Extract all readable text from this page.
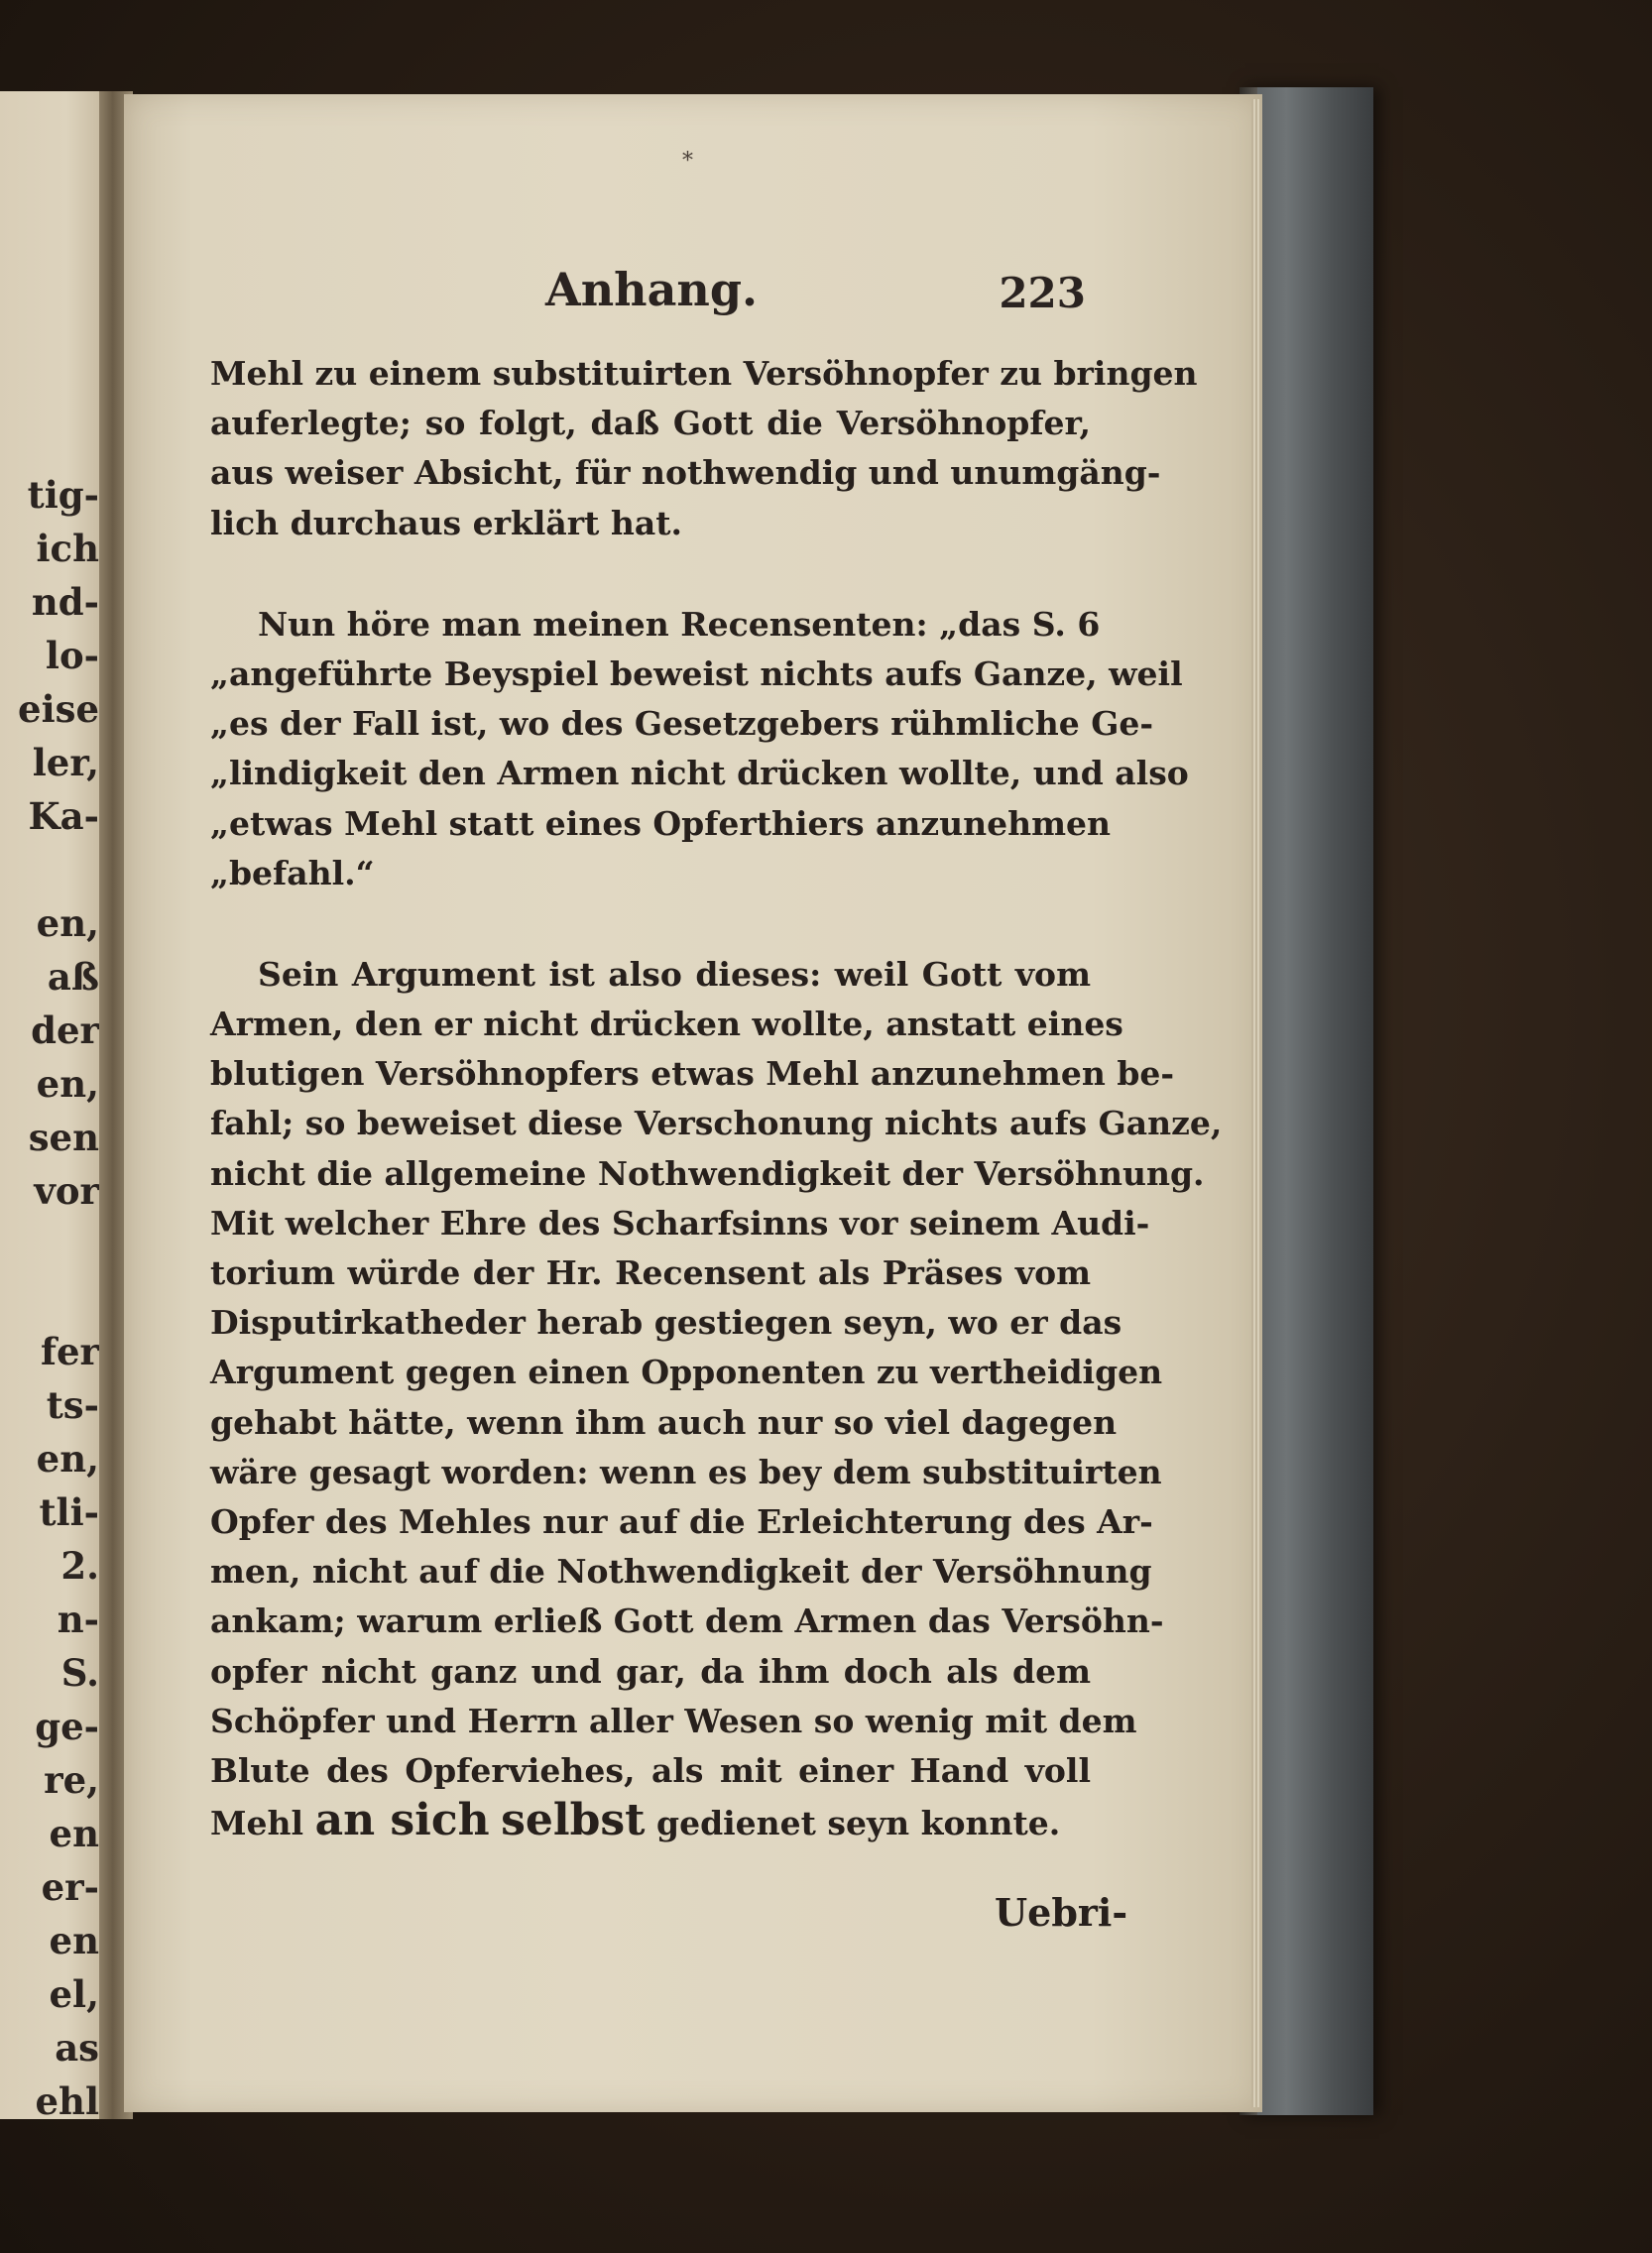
tig-
ich
nd-
lo-
eise
ler,
Ka-
en,
aß
der
en,
sen
vor
fer
ts-
en,
tli-
2.
n-
S.
ge-
re,
en
er-
en
el,
as
ehl
*
Anhang.	223
Mehl zu einem substituirten Versöhnopfer zu bringen
auferlegte; so folgt, daß Gott die Versöhnopfer,
aus weiser Absicht, für nothwendig und unumgäng-
lich durchaus erklärt hat.
Nun höre man meinen Recensenten: „das S. 6
„angeführte Beyspiel beweist nichts aufs Ganze, weil
„es der Fall ist, wo des Gesetzgebers rühmliche Ge-
„lindigkeit den Armen nicht drücken wollte, und also
„etwas Mehl statt eines Opferthiers anzunehmen
„befahl.“
Sein Argument ist also dieses: weil Gott vom
Armen, den er nicht drücken wollte, anstatt eines
blutigen Versöhnopfers etwas Mehl anzunehmen be-
fahl; so beweiset diese Verschonung nichts aufs Ganze,
nicht die allgemeine Nothwendigkeit der Versöhnung.
Mit welcher Ehre des Scharfsinns vor seinem Audi-
torium würde der Hr. Recensent als Präses vom
Disputirkatheder herab gestiegen seyn, wo er das
Argument gegen einen Opponenten zu vertheidigen
gehabt hätte, wenn ihm auch nur so viel dagegen
wäre gesagt worden: wenn es bey dem substituirten
Opfer des Mehles nur auf die Erleichterung des Ar-
men, nicht auf die Nothwendigkeit der Versöhnung
ankam; warum erließ Gott dem Armen das Versöhn-
opfer nicht ganz und gar, da ihm doch als dem
Schöpfer und Herrn aller Wesen so wenig mit dem
Blute des Opferviehes, als mit einer Hand voll
Mehl an sich selbst gedienet seyn konnte.
Uebri-
